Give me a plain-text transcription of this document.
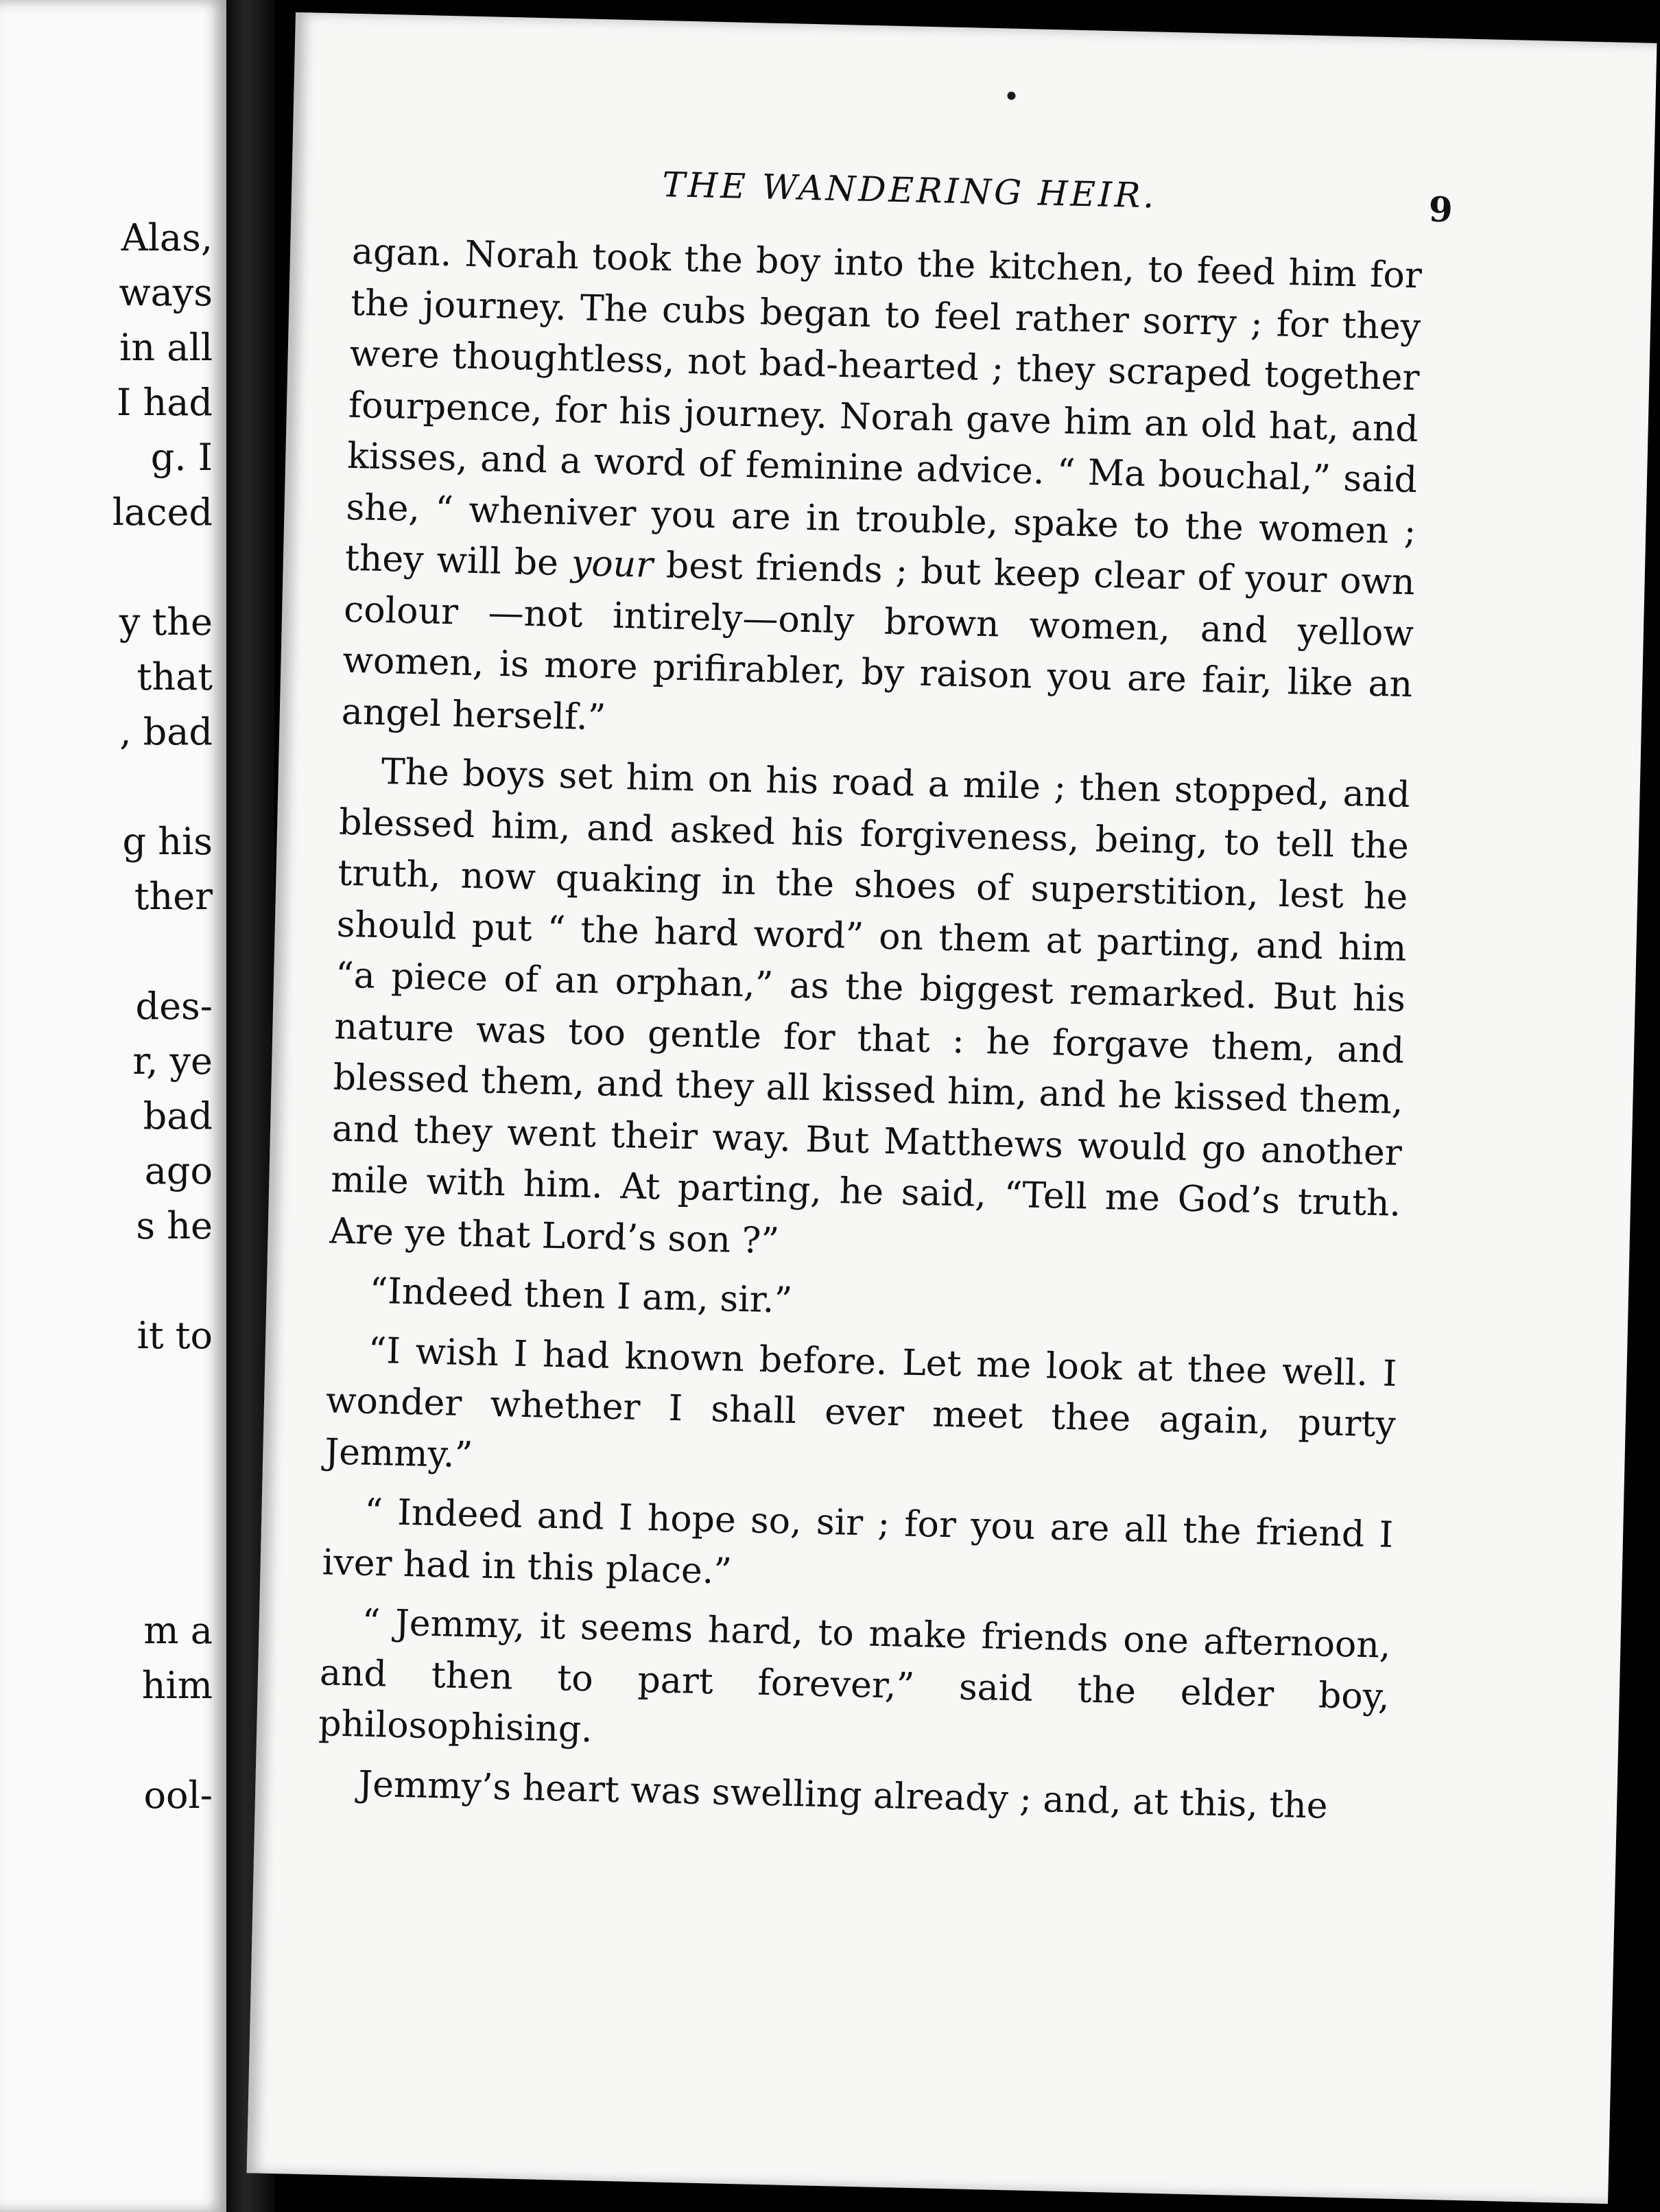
Alas,
ways
in all
I had
g. I
laced
y the
that
, bad
g his
ther
des-
r, ye
bad
ago
s he
it to
m a
him
ool-
THE WANDERING HEIR.	9

agan. Norah took the boy into the kitchen, to feed him for the journey. The cubs began to feel rather sorry ; for they were thoughtless, not bad-hearted ; they scraped together fourpence, for his journey. Norah gave him an old hat, and kisses, and a word of feminine advice. “ Ma bouchal,” said she, “ wheniver you are in trouble, spake to the women ; they will be your best friends ; but keep clear of your own colour —not intirely—only brown women, and yellow women, is more prifirabler, by raison you are fair, like an angel herself.”

The boys set him on his road a mile ; then stopped, and blessed him, and asked his forgiveness, being, to tell the truth, now quaking in the shoes of superstition, lest he should put “ the hard word” on them at parting, and him “a piece of an orphan,” as the biggest remarked. But his nature was too gentle for that : he forgave them, and blessed them, and they all kissed him, and he kissed them, and they went their way. But Matthews would go another mile with him. At parting, he said, “Tell me God’s truth. Are ye that Lord’s son ?”

“Indeed then I am, sir.”

“I wish I had known before. Let me look at thee well. I wonder whether I shall ever meet thee again, purty Jemmy.”

“ Indeed and I hope so, sir ; for you are all the friend I iver had in this place.”

“ Jemmy, it seems hard, to make friends one afternoon, and then to part forever,” said the elder boy, philosophising.

Jemmy’s heart was swelling already ; and, at this, the
